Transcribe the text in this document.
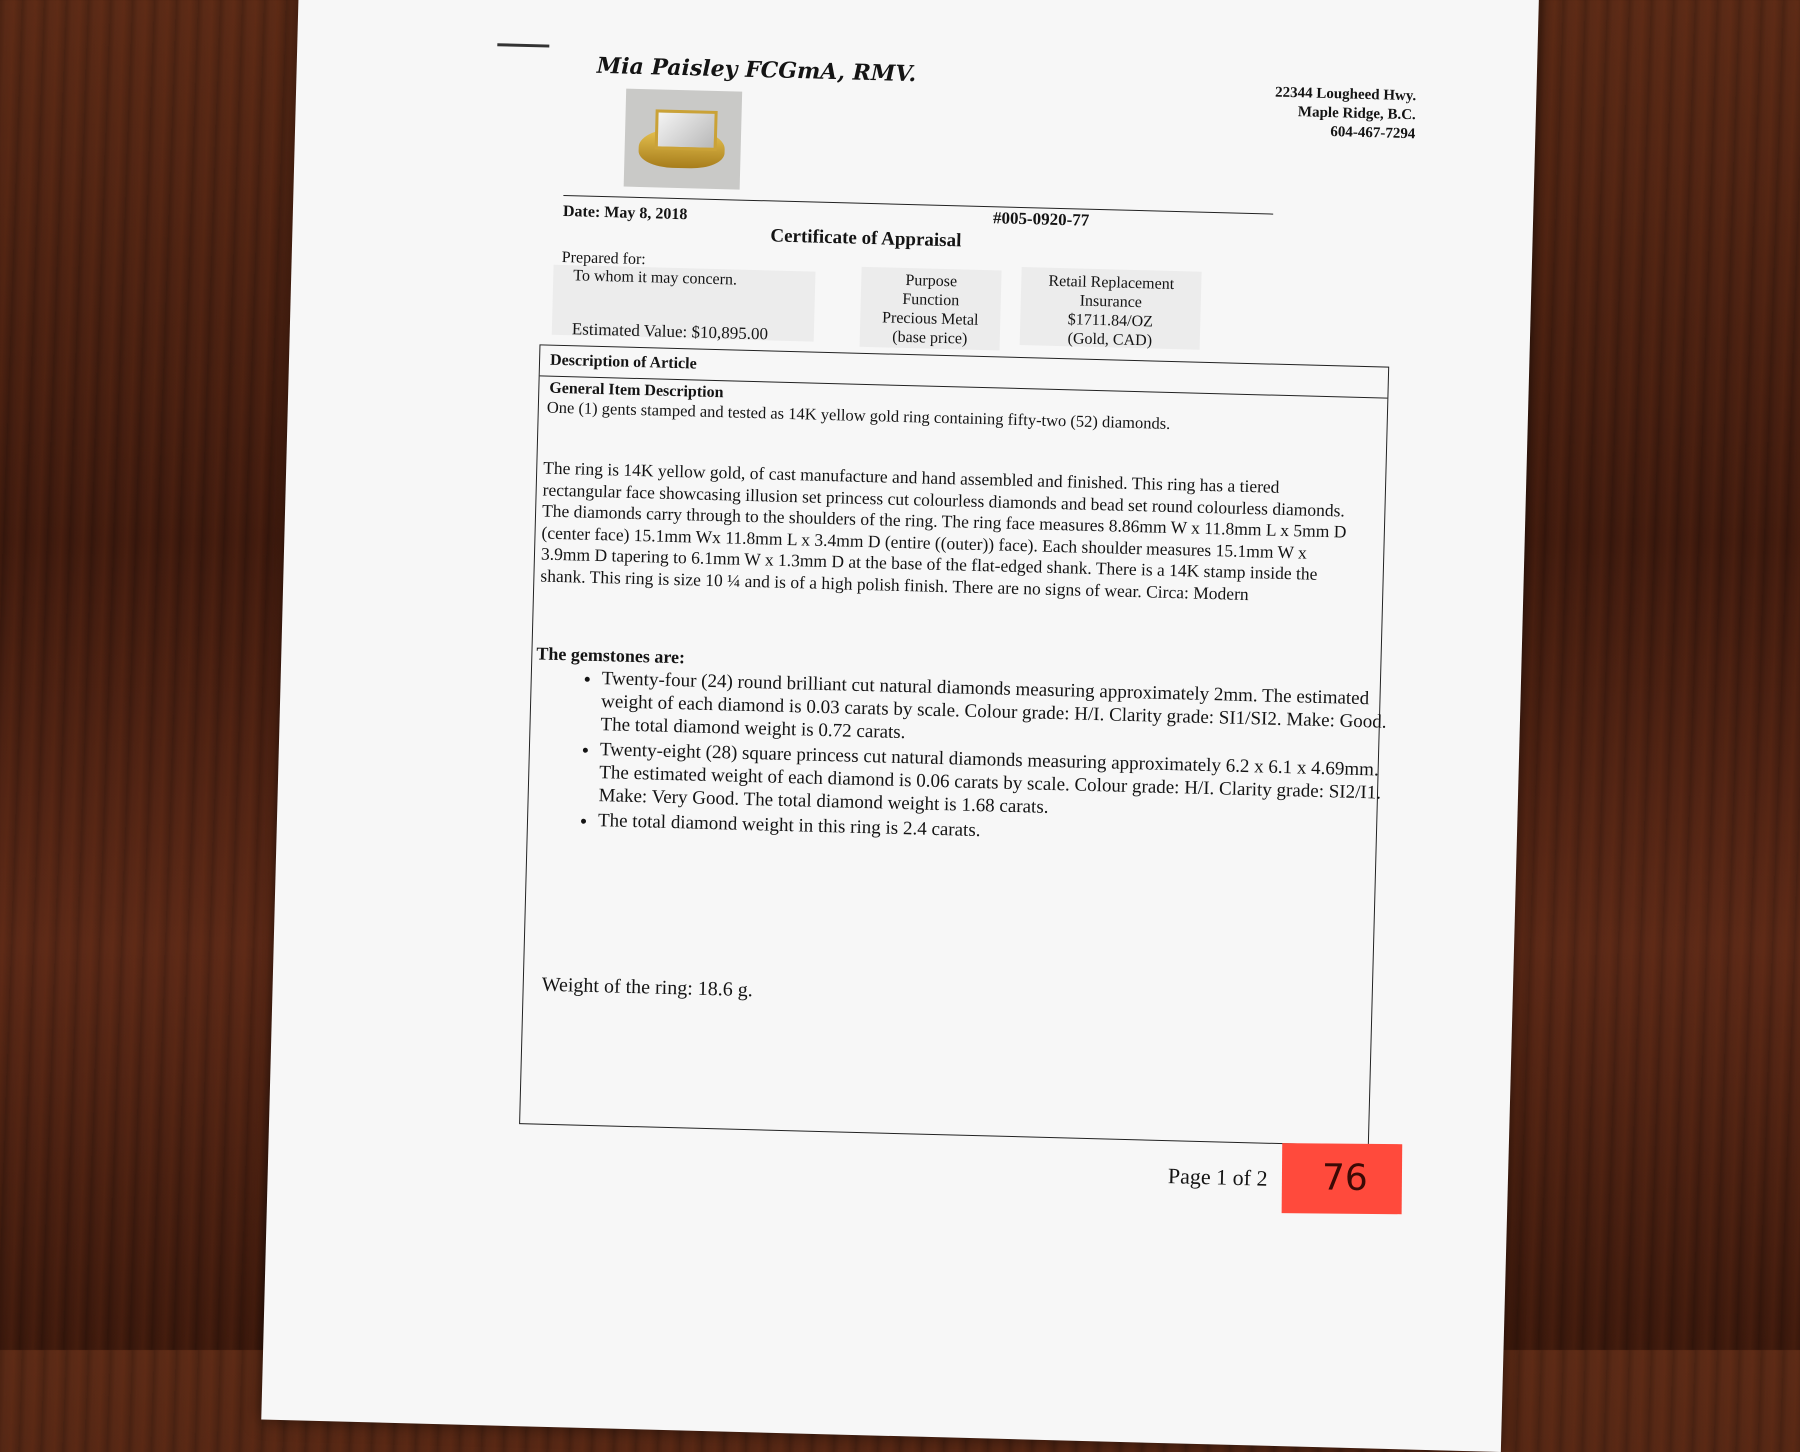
Mia Paisley FCGmA, RMV.
22344 Lougheed Hwy.
Maple Ridge, B.C.
604-467-7294
Date: May 8, 2018	#005-0920-77
Certificate of Appraisal
Prepared for:
To whom it may concern.
Estimated Value: $10,895.00
Purpose
Function
Precious Metal
(base price)
Retail Replacement
Insurance
$1711.84/OZ
(Gold, CAD)
Description of Article
General Item Description
One (1) gents stamped and tested as 14K yellow gold ring containing fifty-two (52) diamonds.
The ring is 14K yellow gold, of cast manufacture and hand assembled and finished. This ring has a tiered rectangular face showcasing illusion set princess cut colourless diamonds and bead set round colourless diamonds. The diamonds carry through to the shoulders of the ring. The ring face measures 8.86mm W x 11.8mm L x 5mm D (center face) 15.1mm Wx 11.8mm L x 3.4mm D (entire ((outer)) face). Each shoulder measures 15.1mm W x 3.9mm D tapering to 6.1mm W x 1.3mm D at the base of the flat-edged shank. There is a 14K stamp inside the shank. This ring is size 10 ¼ and is of a high polish finish. There are no signs of wear. Circa: Modern
The gemstones are:
• Twenty-four (24) round brilliant cut natural diamonds measuring approximately 2mm. The estimated weight of each diamond is 0.03 carats by scale. Colour grade: H/I. Clarity grade: SI1/SI2. Make: Good. The total diamond weight is 0.72 carats.
• Twenty-eight (28) square princess cut natural diamonds measuring approximately 6.2 x 6.1 x 4.69mm. The estimated weight of each diamond is 0.06 carats by scale. Colour grade: H/I. Clarity grade: SI2/I1. Make: Very Good. The total diamond weight is 1.68 carats.
• The total diamond weight in this ring is 2.4 carats.
Weight of the ring: 18.6 g.
Page 1 of 2 76
